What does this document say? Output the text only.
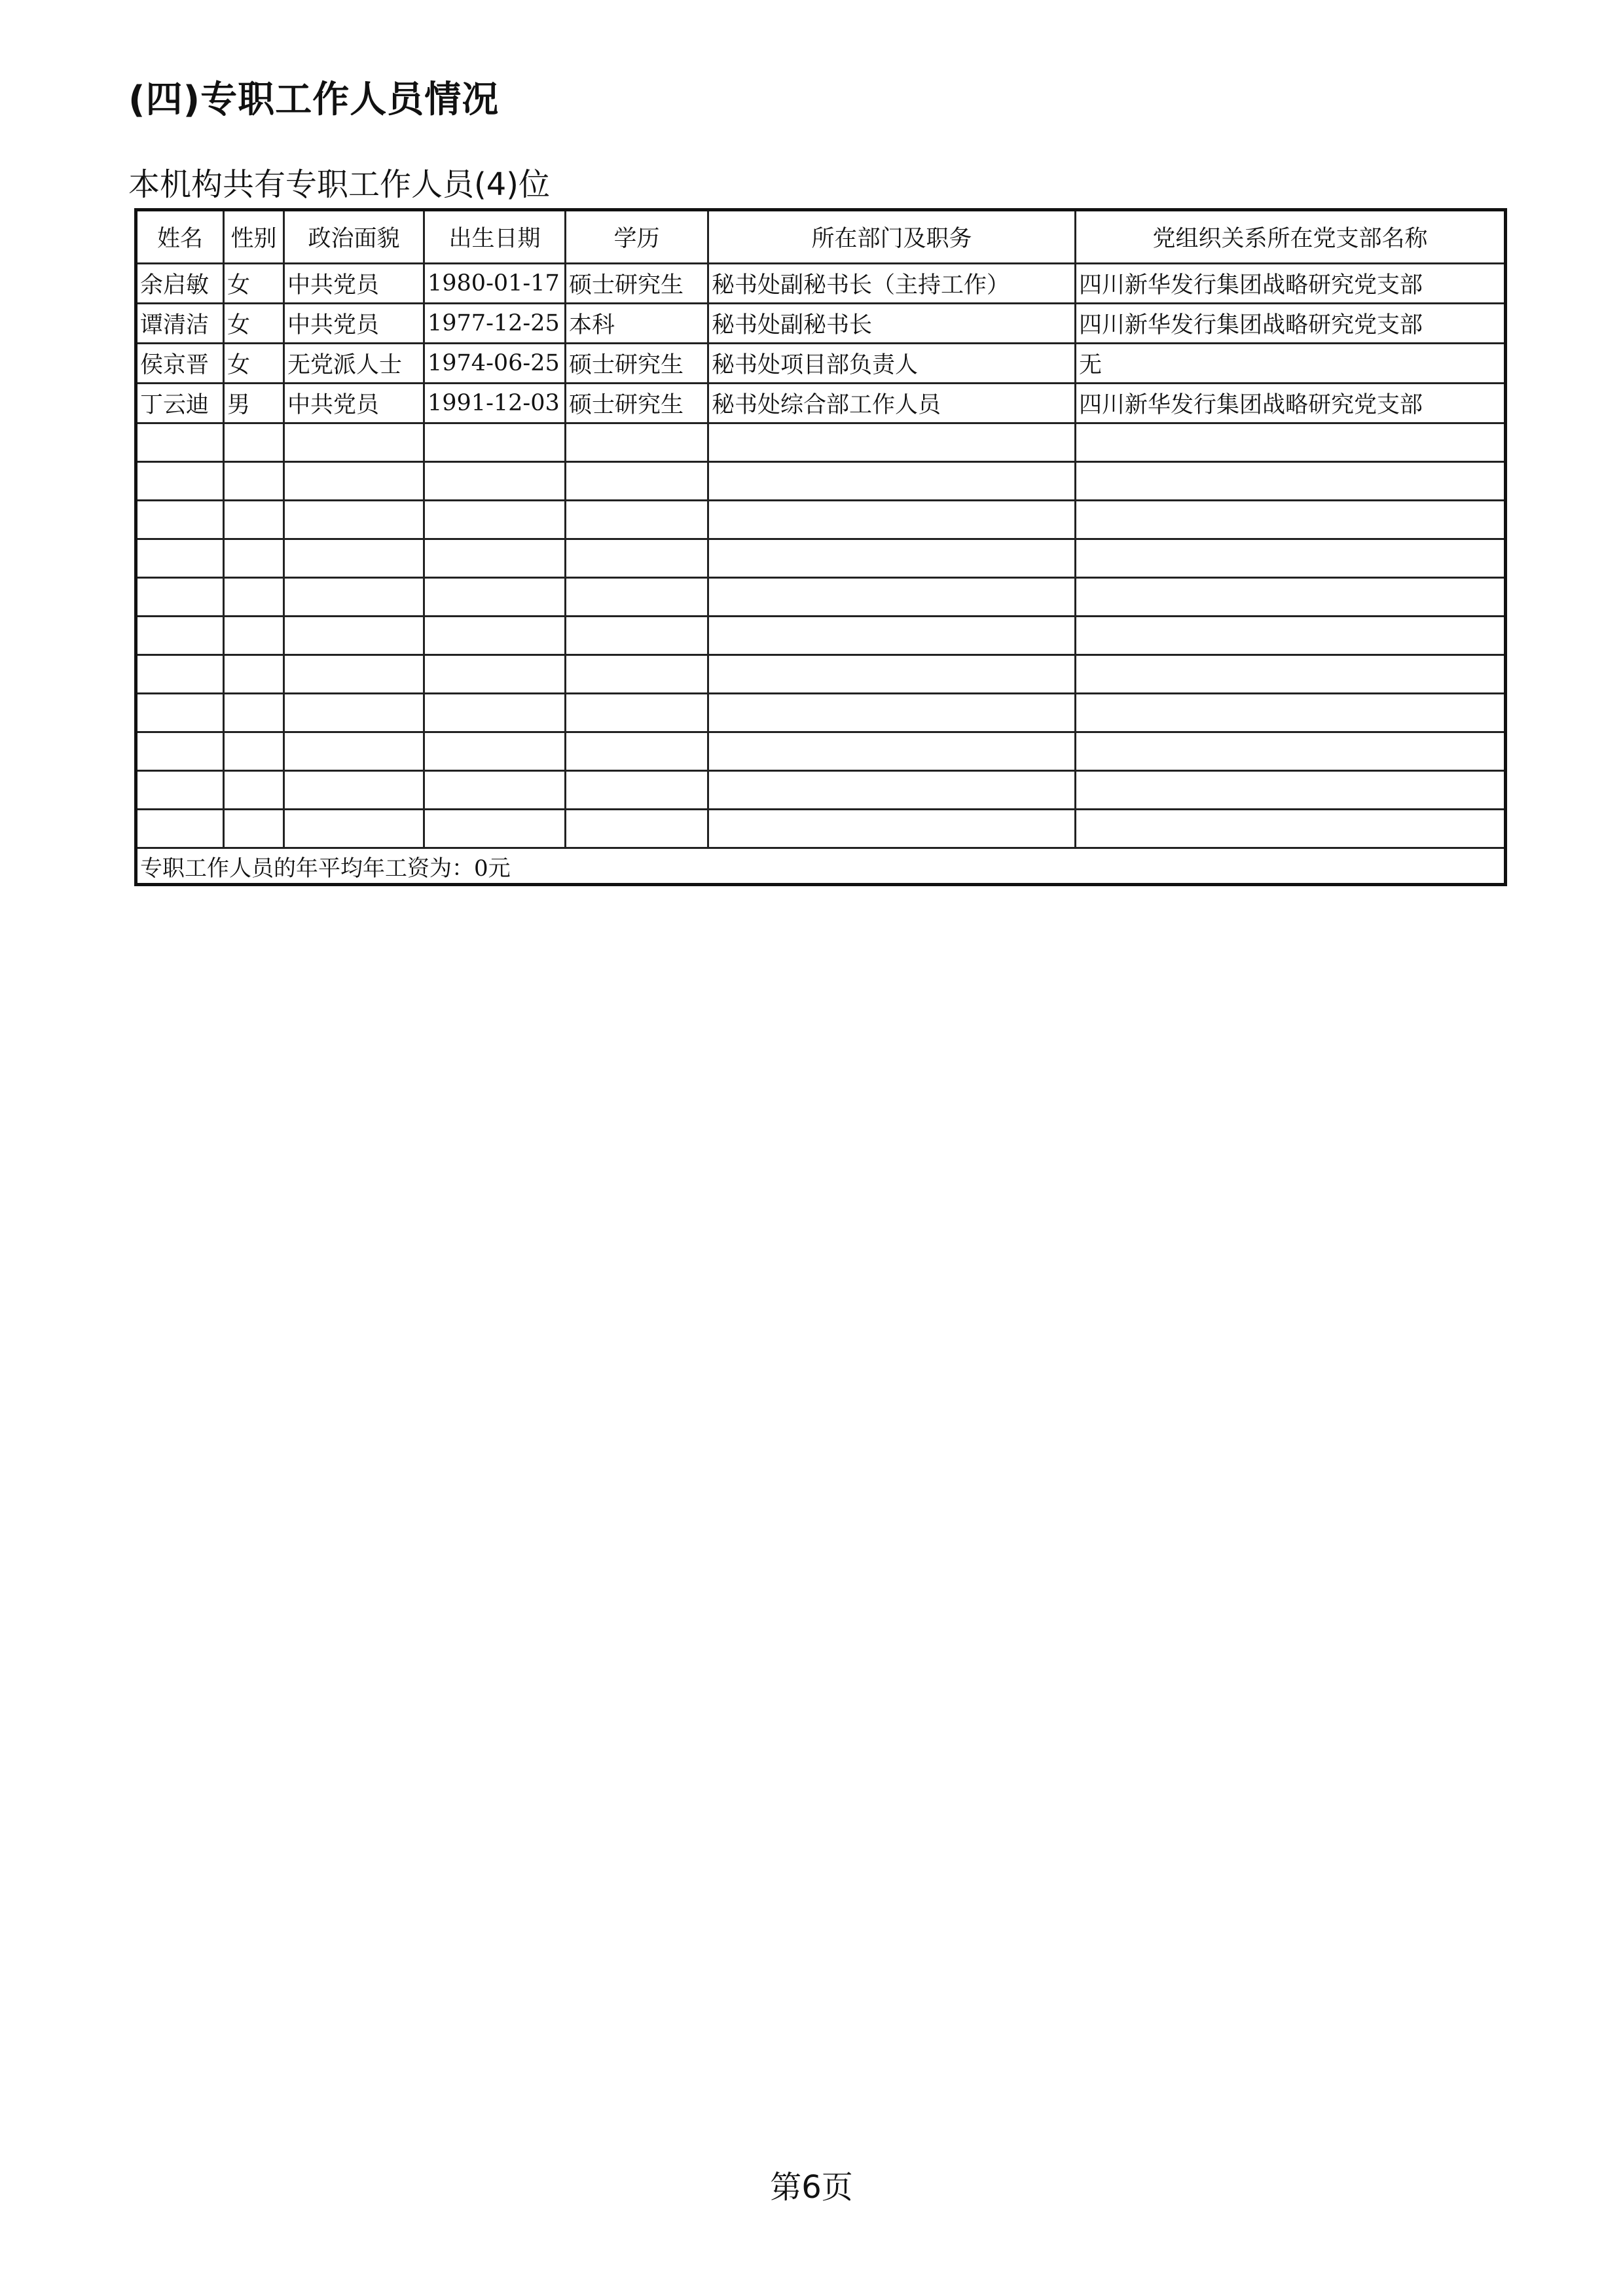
(四)专职工作人员情况

本机构共有专职工作人员(4)位

姓名	性别	政治面貌	出生日期	学历	所在部门及职务	党组织关系所在党支部名称
余启敏	女	中共党员	1980-01-17	硕士研究生	秘书处副秘书长（主持工作）	四川新华发行集团战略研究党支部
谭清洁	女	中共党员	1977-12-25	本科	秘书处副秘书长	四川新华发行集团战略研究党支部
侯京晋	女	无党派人士	1974-06-25	硕士研究生	秘书处项目部负责人	无
丁云迪	男	中共党员	1991-12-03	硕士研究生	秘书处综合部工作人员	四川新华发行集团战略研究党支部

专职工作人员的年平均年工资为：0元						

第6页
